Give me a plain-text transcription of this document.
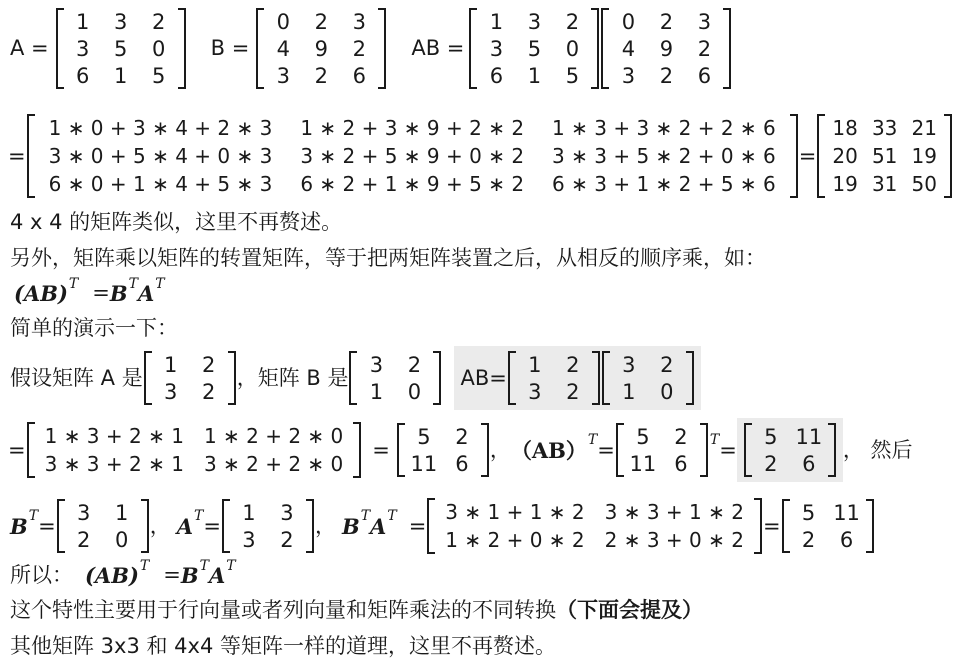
A =
1	3	2
3	5	0
6	1	5
B =
0	2	3
4	9	2
3	2	6
AB =
1	3	2
3	5	0
6	1	5
0	2	3
4	9	2
3	2	6
=
1 ∗ 0 + 3 ∗ 4 + 2 ∗ 3	1 ∗ 2 + 3 ∗ 9 + 2 ∗ 2	1 ∗ 3 + 3 ∗ 2 + 2 ∗ 6
3 ∗ 0 + 5 ∗ 4 + 0 ∗ 3	3 ∗ 2 + 5 ∗ 9 + 0 ∗ 2	3 ∗ 3 + 5 ∗ 2 + 0 ∗ 6
6 ∗ 0 + 1 ∗ 4 + 5 ∗ 3	6 ∗ 2 + 1 ∗ 9 + 5 ∗ 2	6 ∗ 3 + 1 ∗ 2 + 5 ∗ 6
=
18	33	21
20	51	19
19	31	50
4 x 4 的矩阵类似，这里不再赘述。
另外，矩阵乘以矩阵的转置矩阵，等于把两矩阵装置之后，从相反的顺序乘，如：
(AB) T = B T A T
简单的演示一下：
假设矩阵 A 是
1	2
3	2
，矩阵 B 是
3	2
1	0
AB=
1	2
3	2
3	2
1	0
=
1 ∗ 3 + 2 ∗ 1	1 ∗ 2 + 2 ∗ 0
3 ∗ 3 + 2 ∗ 1	3 ∗ 2 + 2 ∗ 0
=
5	2
11	6
， （AB） T =
5	2
11	6
T =
5	11
2	6
， 然后
B T =
3	1
2	0
， A T =
1	3
3	2
， B T A T =
3 ∗ 1 + 1 ∗ 2	3 ∗ 3 + 1 ∗ 2
1 ∗ 2 + 0 ∗ 2	2 ∗ 3 + 0 ∗ 2
=
5	11
2	6
所以： (AB) T = B T A T
这个特性主要用于行向量或者列向量和矩阵乘法的不同转换 （下面会提及）
其他矩阵 3x3 和 4x4 等矩阵一样的道理，这里不再赘述。
